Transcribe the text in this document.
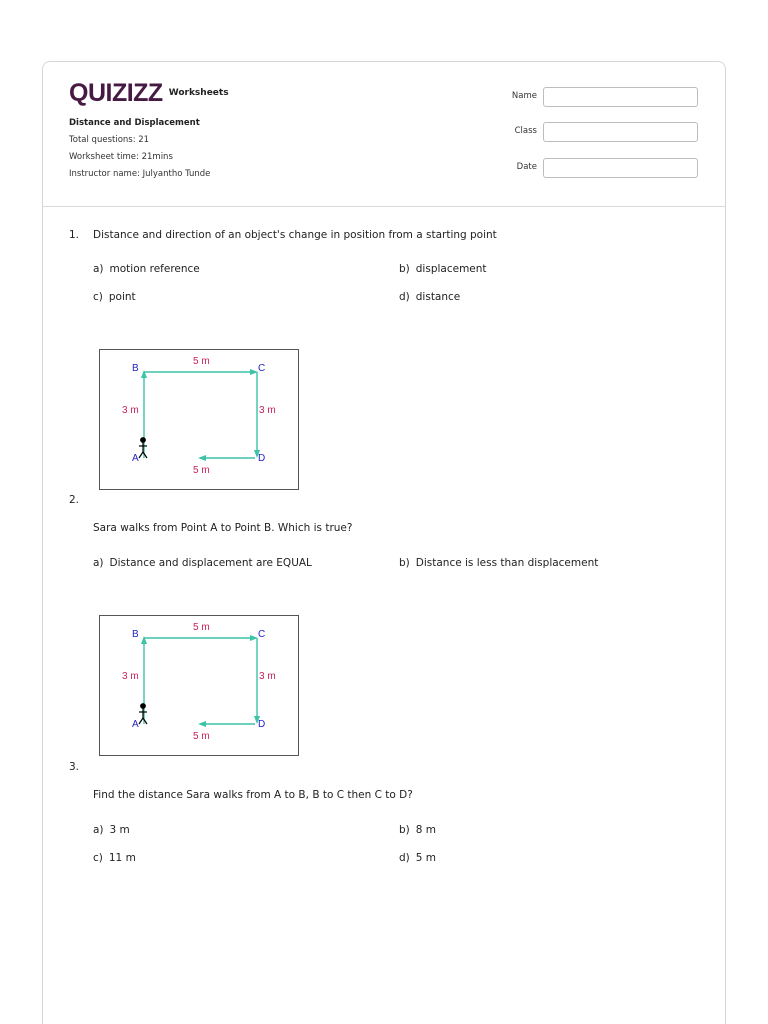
QUIZIZZ Worksheets
Distance and Displacement
Total questions: 21
Worksheet time: 21mins
Instructor name: Julyantho Tunde
Name
Class
Date
1. Distance and direction of an object's change in position from a starting point
a) motion reference	b) displacement
c) point	d) distance
B	C
A	D
5 m
5 m
3 m	3 m
2.
Sara walks from Point A to Point B. Which is true?
a) Distance and displacement are EQUAL	b) Distance is less than displacement
B	C
A	D
5 m
5 m
3 m	3 m
3.
Find the distance Sara walks from A to B, B to C then C to D?
a) 3 m	b) 8 m
c) 11 m	d) 5 m
